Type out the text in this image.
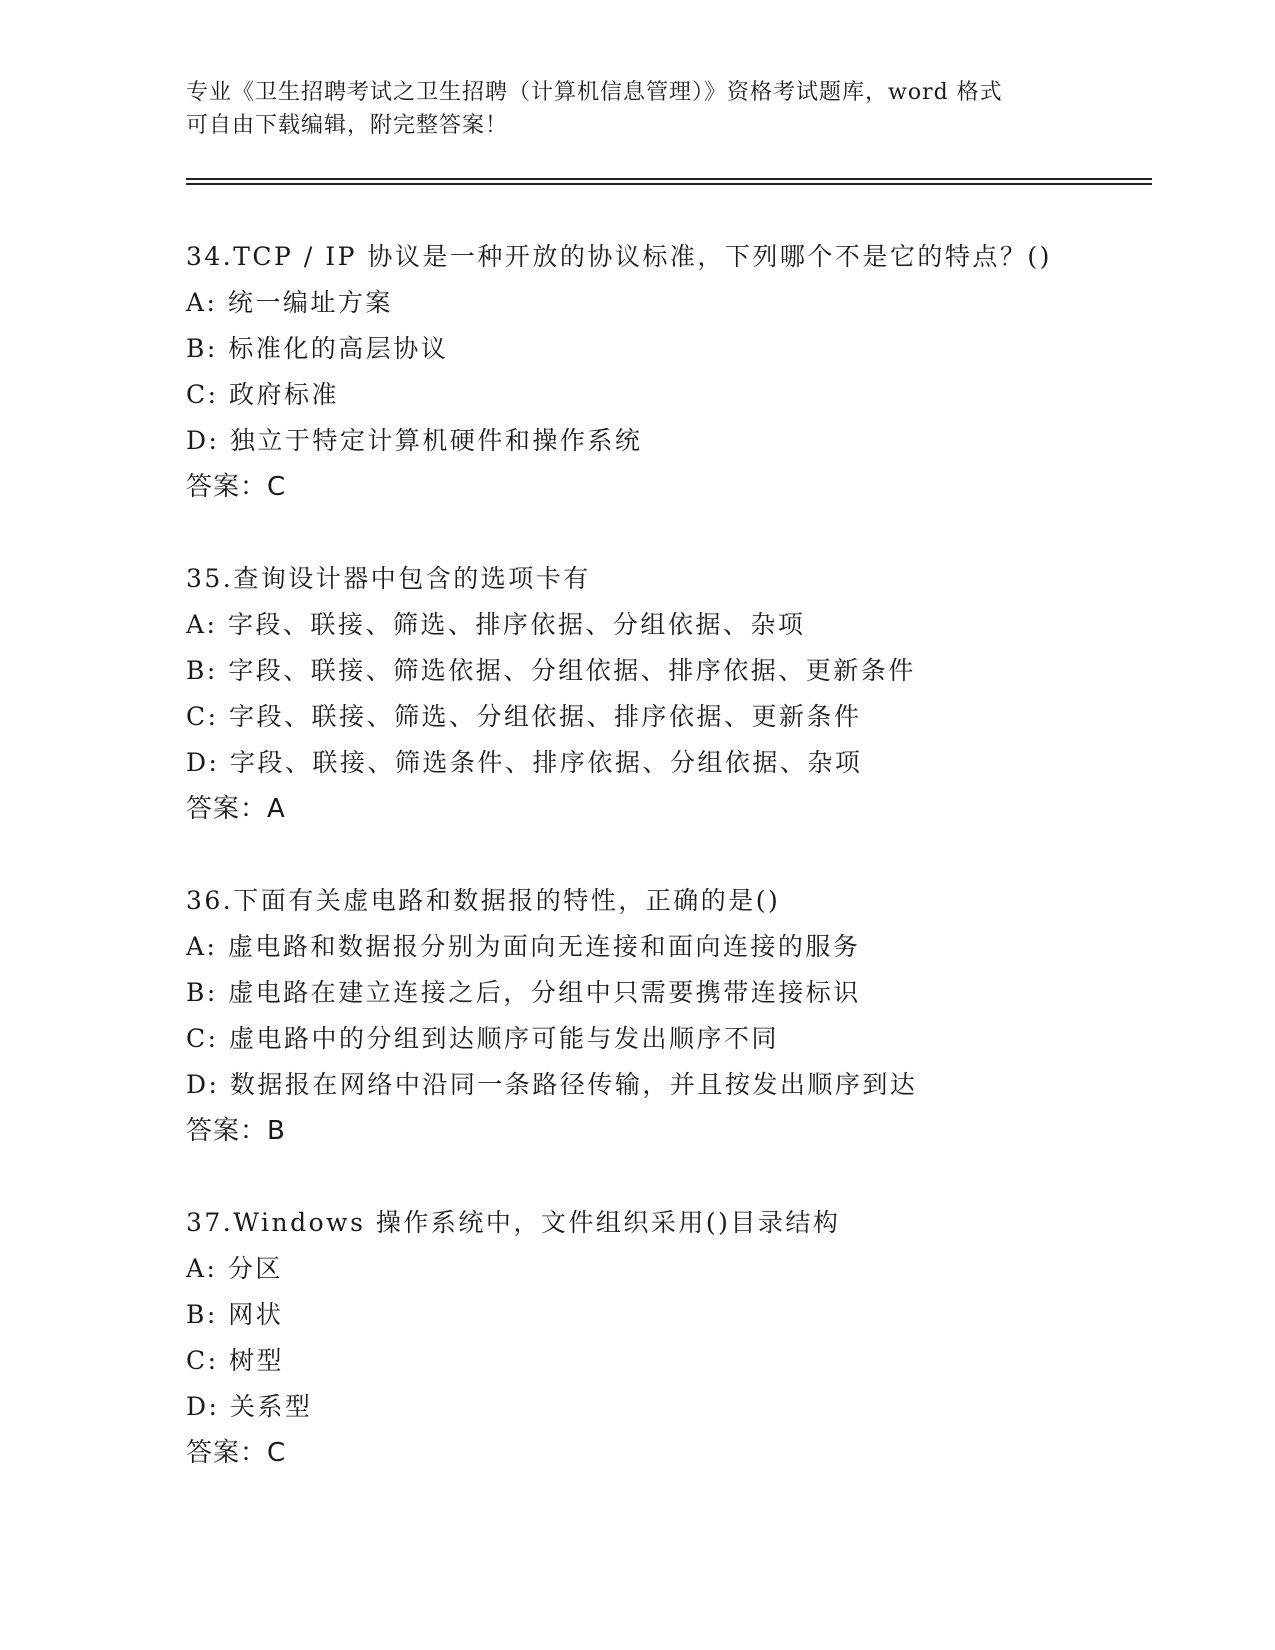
专业《卫生招聘考试之卫生招聘（计算机信息管理）》资格考试题库，word 格式
可自由下载编辑，附完整答案！
34.TCP / IP 协议是一种开放的协议标准，下列哪个不是它的特点？()
A: 统一编址方案
B: 标准化的高层协议
C: 政府标准
D: 独立于特定计算机硬件和操作系统
答案：C
35.查询设计器中包含的选项卡有
A: 字段、联接、筛选、排序依据、分组依据、杂项
B: 字段、联接、筛选依据、分组依据、排序依据、更新条件
C: 字段、联接、筛选、分组依据、排序依据、更新条件
D: 字段、联接、筛选条件、排序依据、分组依据、杂项
答案：A
36.下面有关虚电路和数据报的特性，正确的是()
A: 虚电路和数据报分别为面向无连接和面向连接的服务
B: 虚电路在建立连接之后，分组中只需要携带连接标识
C: 虚电路中的分组到达顺序可能与发出顺序不同
D: 数据报在网络中沿同一条路径传输，并且按发出顺序到达
答案：B
37.Windows 操作系统中，文件组织采用()目录结构
A: 分区
B: 网状
C: 树型
D: 关系型
答案：C
